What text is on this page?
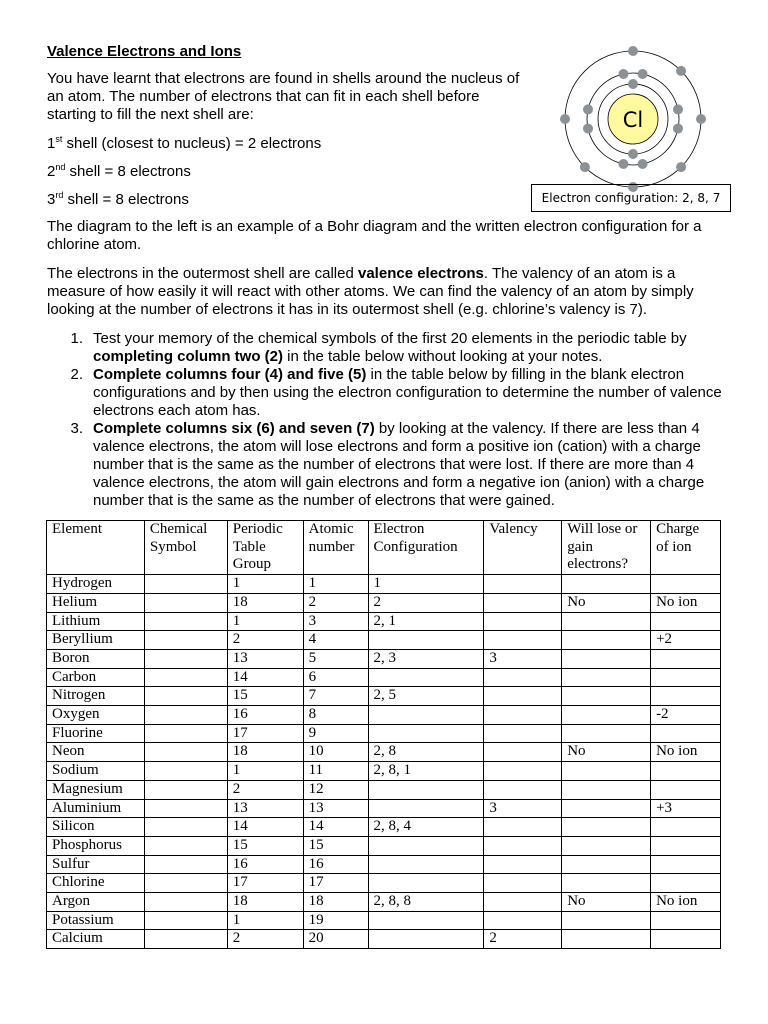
Valence Electrons and Ions
You have learnt that electrons are found in shells around the nucleus of an atom. The number of electrons that can fit in each shell before starting to fill the next shell are:
1st shell (closest to nucleus) = 2 electrons
2nd shell = 8 electrons
3rd shell = 8 electrons
Cl
Electron configuration: 2, 8, 7
The diagram to the left is an example of a Bohr diagram and the written electron configuration for a chlorine atom.
The electrons in the outermost shell are called valence electrons. The valency of an atom is a measure of how easily it will react with other atoms. We can find the valency of an atom by simply looking at the number of electrons it has in its outermost shell (e.g. chlorine’s valency is 7).
1. Test your memory of the chemical symbols of the first 20 elements in the periodic table by completing column two (2) in the table below without looking at your notes.
2. Complete columns four (4) and five (5) in the table below by filling in the blank electron configurations and by then using the electron configuration to determine the number of valence electrons each atom has.
3. Complete columns six (6) and seven (7) by looking at the valency. If there are less than 4 valence electrons, the atom will lose electrons and form a positive ion (cation) with a charge number that is the same as the number of electrons that were lost. If there are more than 4 valence electrons, the atom will gain electrons and form a negative ion (anion) with a charge number that is the same as the number of electrons that were gained.
Element	Chemical Symbol	Periodic Table Group	Atomic number	Electron Configuration	Valency	Will lose or gain electrons?	Charge of ion
Hydrogen		1	1	1			
Helium		18	2	2		No	No ion
Lithium		1	3	2, 1			
Beryllium		2	4				+2
Boron		13	5	2, 3	3		
Carbon		14	6				
Nitrogen		15	7	2, 5			
Oxygen		16	8				-2
Fluorine		17	9				
Neon		18	10	2, 8		No	No ion
Sodium		1	11	2, 8, 1			
Magnesium		2	12				
Aluminium		13	13		3		+3
Silicon		14	14	2, 8, 4			
Phosphorus		15	15				
Sulfur		16	16				
Chlorine		17	17				
Argon		18	18	2, 8, 8		No	No ion
Potassium		1	19				
Calcium		2	20		2		
